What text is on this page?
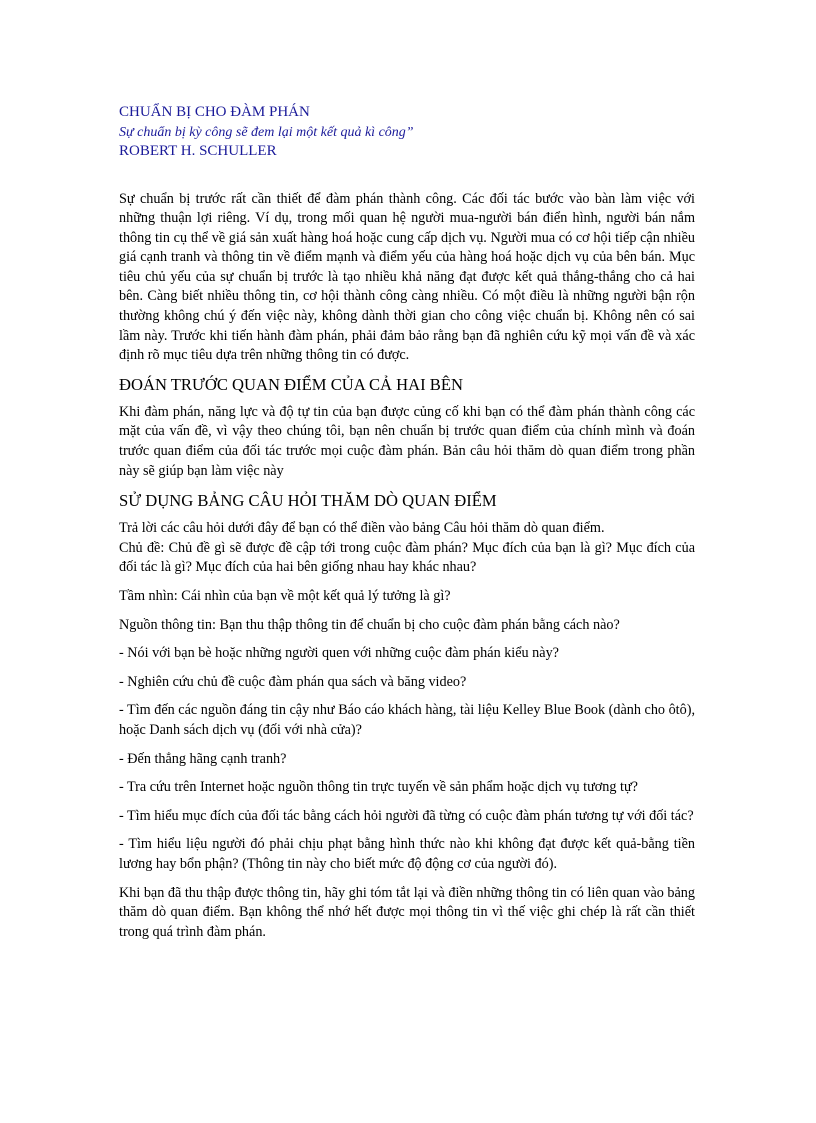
CHUẨN BỊ CHO ĐÀM PHÁN
Sự chuẩn bị kỳ công sẽ đem lại một kết quả kì công”
ROBERT H. SCHULLER

Sự chuẩn bị trước rất cần thiết để đàm phán thành công. Các đối tác bước vào bàn làm việc với những thuận lợi riêng. Ví dụ, trong mối quan hệ người mua-người bán điển hình, người bán nắm thông tin cụ thể về giá sản xuất hàng hoá hoặc cung cấp dịch vụ. Người mua có cơ hội tiếp cận nhiều giá cạnh tranh và thông tin về điểm mạnh và điểm yếu của hàng hoá hoặc dịch vụ của bên bán. Mục tiêu chủ yếu của sự chuẩn bị trước là tạo nhiều khả năng đạt được kết quả thắng-thắng cho cả hai bên. Càng biết nhiều thông tin, cơ hội thành công càng nhiều. Có một điều là những người bận rộn thường không chú ý đến việc này, không dành thời gian cho công việc chuẩn bị. Không nên có sai lầm này. Trước khi tiến hành đàm phán, phải đảm bảo rằng bạn đã nghiên cứu kỹ mọi vấn đề và xác định rõ mục tiêu dựa trên những thông tin có được.

ĐOÁN TRƯỚC QUAN ĐIỂM CỦA CẢ HAI BÊN

Khi đàm phán, năng lực và độ tự tin của bạn được củng cố khi bạn có thể đàm phán thành công các mặt của vấn đề, vì vậy theo chúng tôi, bạn nên chuẩn bị trước quan điểm của chính mình và đoán trước quan điểm của đối tác trước mọi cuộc đàm phán. Bản câu hỏi thăm dò quan điểm trong phần này sẽ giúp bạn làm việc này

SỬ DỤNG BẢNG CÂU HỎI THĂM DÒ QUAN ĐIỂM

Trả lời các câu hỏi dưới đây để bạn có thể điền vào bảng Câu hỏi thăm dò quan điểm.

Chủ đề: Chủ đề gì sẽ được đề cập tới trong cuộc đàm phán? Mục đích của bạn là gì? Mục đích của đối tác là gì? Mục đích của hai bên giống nhau hay khác nhau?

Tầm nhìn: Cái nhìn của bạn về một kết quả lý tưởng là gì?

Nguồn thông tin: Bạn thu thập thông tin để chuẩn bị cho cuộc đàm phán bằng cách nào?

- Nói với bạn bè hoặc những người quen với những cuộc đàm phán kiểu này?

- Nghiên cứu chủ đề cuộc đàm phán qua sách và băng video?

- Tìm đến các nguồn đáng tin cậy như Báo cáo khách hàng, tài liệu Kelley Blue Book (dành cho ôtô), hoặc Danh sách dịch vụ (đối với nhà cửa)?

- Đến thẳng hãng cạnh tranh?

- Tra cứu trên Internet hoặc nguồn thông tin trực tuyến về sản phẩm hoặc dịch vụ tương tự?

- Tìm hiểu mục đích của đối tác bằng cách hỏi người đã từng có cuộc đàm phán tương tự với đối tác?

- Tìm hiểu liệu người đó phải chịu phạt bằng hình thức nào khi không đạt được kết quả-bằng tiền lương hay bổn phận? (Thông tin này cho biết mức độ động cơ của người đó).

Khi bạn đã thu thập được thông tin, hãy ghi tóm tắt lại và điền những thông tin có liên quan vào bảng thăm dò quan điểm. Bạn không thể nhớ hết được mọi thông tin vì thế việc ghi chép là rất cần thiết trong quá trình đàm phán.
